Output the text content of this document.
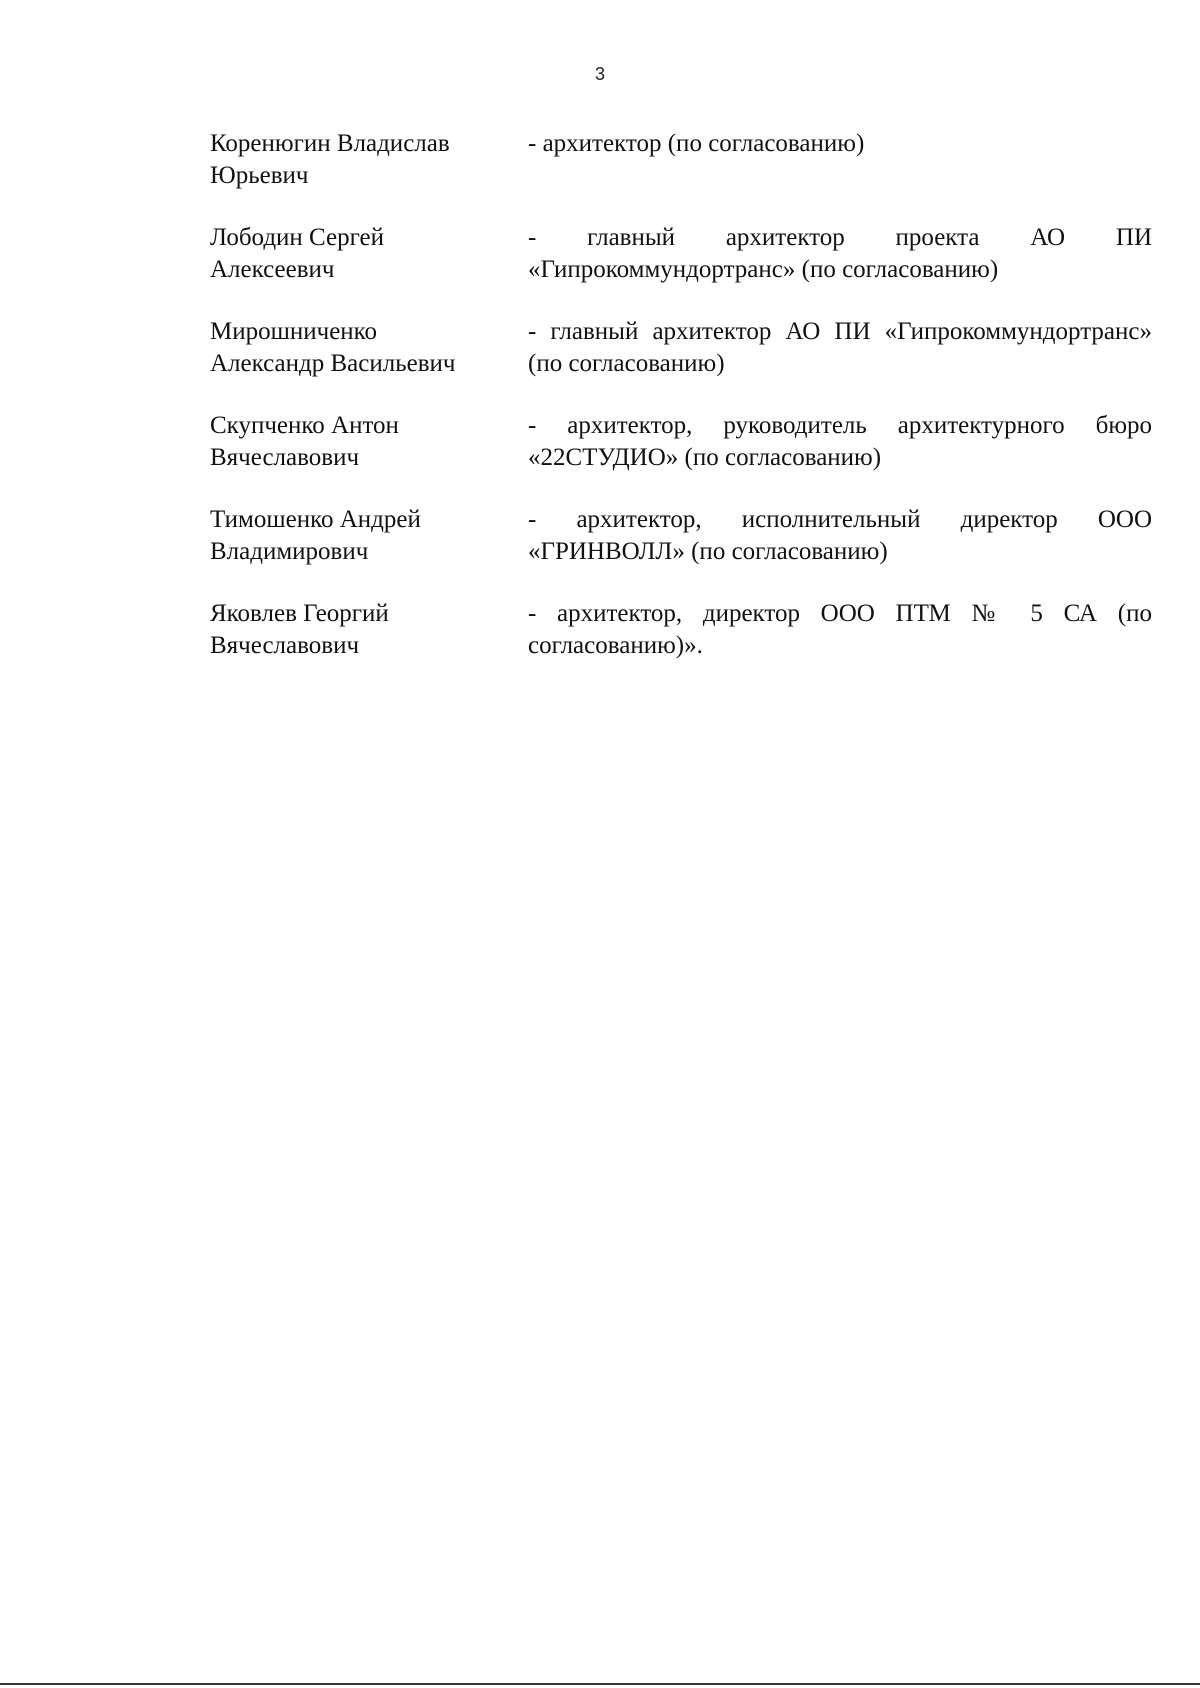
3
Коренюгин Владислав
Юрьевич
- архитектор (по согласованию)
Лободин Сергей
Алексеевич
- главный архитектор проекта АО ПИ «Гипрокоммундортранс» (по согласованию)
Мирошниченко
Александр Васильевич
- главный архитектор АО ПИ «Гипрокоммундортранс» (по согласованию)
Скупченко Антон
Вячеславович
- архитектор, руководитель архитектурного бюро «22СТУДИО» (по согласованию)
Тимошенко Андрей
Владимирович
- архитектор, исполнительный директор ООО «ГРИНВОЛЛ» (по согласованию)
Яковлев Георгий
Вячеславович
- архитектор, директор ООО ПТМ № 5 СА (по согласованию)».
